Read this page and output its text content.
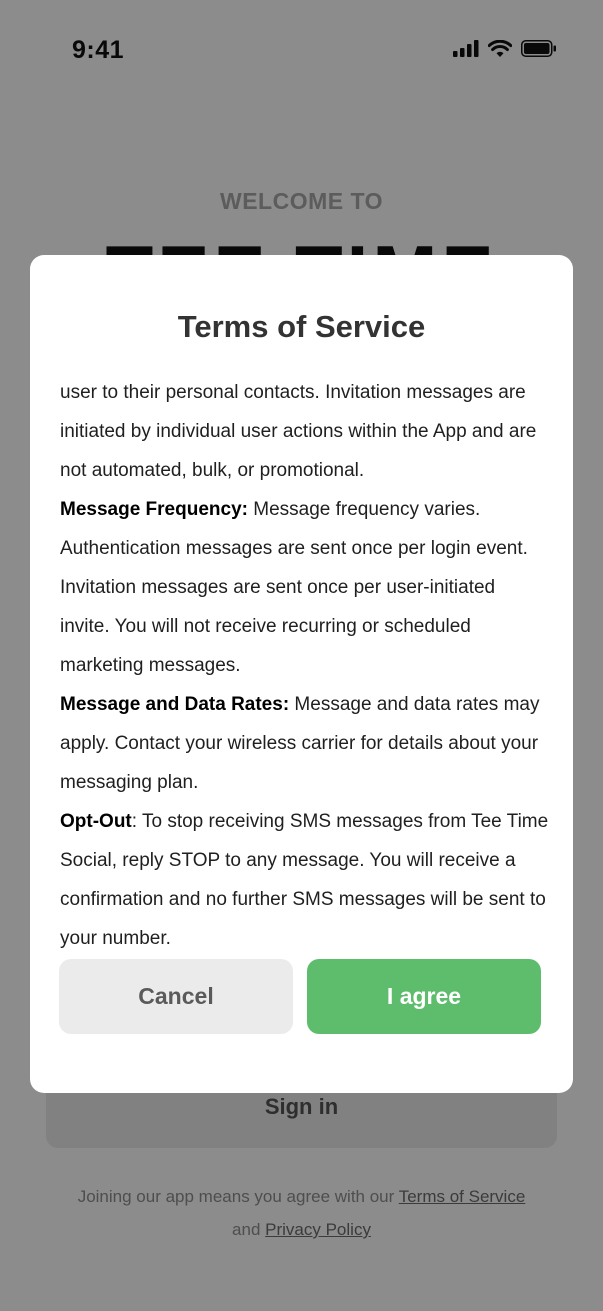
9:41
WELCOME TO
Sign in
Joining our app means you agree with our Terms of Service
and Privacy Policy
Terms of Service

user to their personal contacts. Invitation messages are initiated by individual user actions within the App and are not automated, bulk, or promotional.

Message Frequency: Message frequency varies. Authentication messages are sent once per login event. Invitation messages are sent once per user-initiated invite. You will not receive recurring or scheduled marketing messages.

Message and Data Rates: Message and data rates may apply. Contact your wireless carrier for details about your messaging plan.

Opt-Out: To stop receiving SMS messages from Tee Time Social, reply STOP to any message. You will receive a confirmation and no further SMS messages will be sent to your number.

Cancel	I agree
